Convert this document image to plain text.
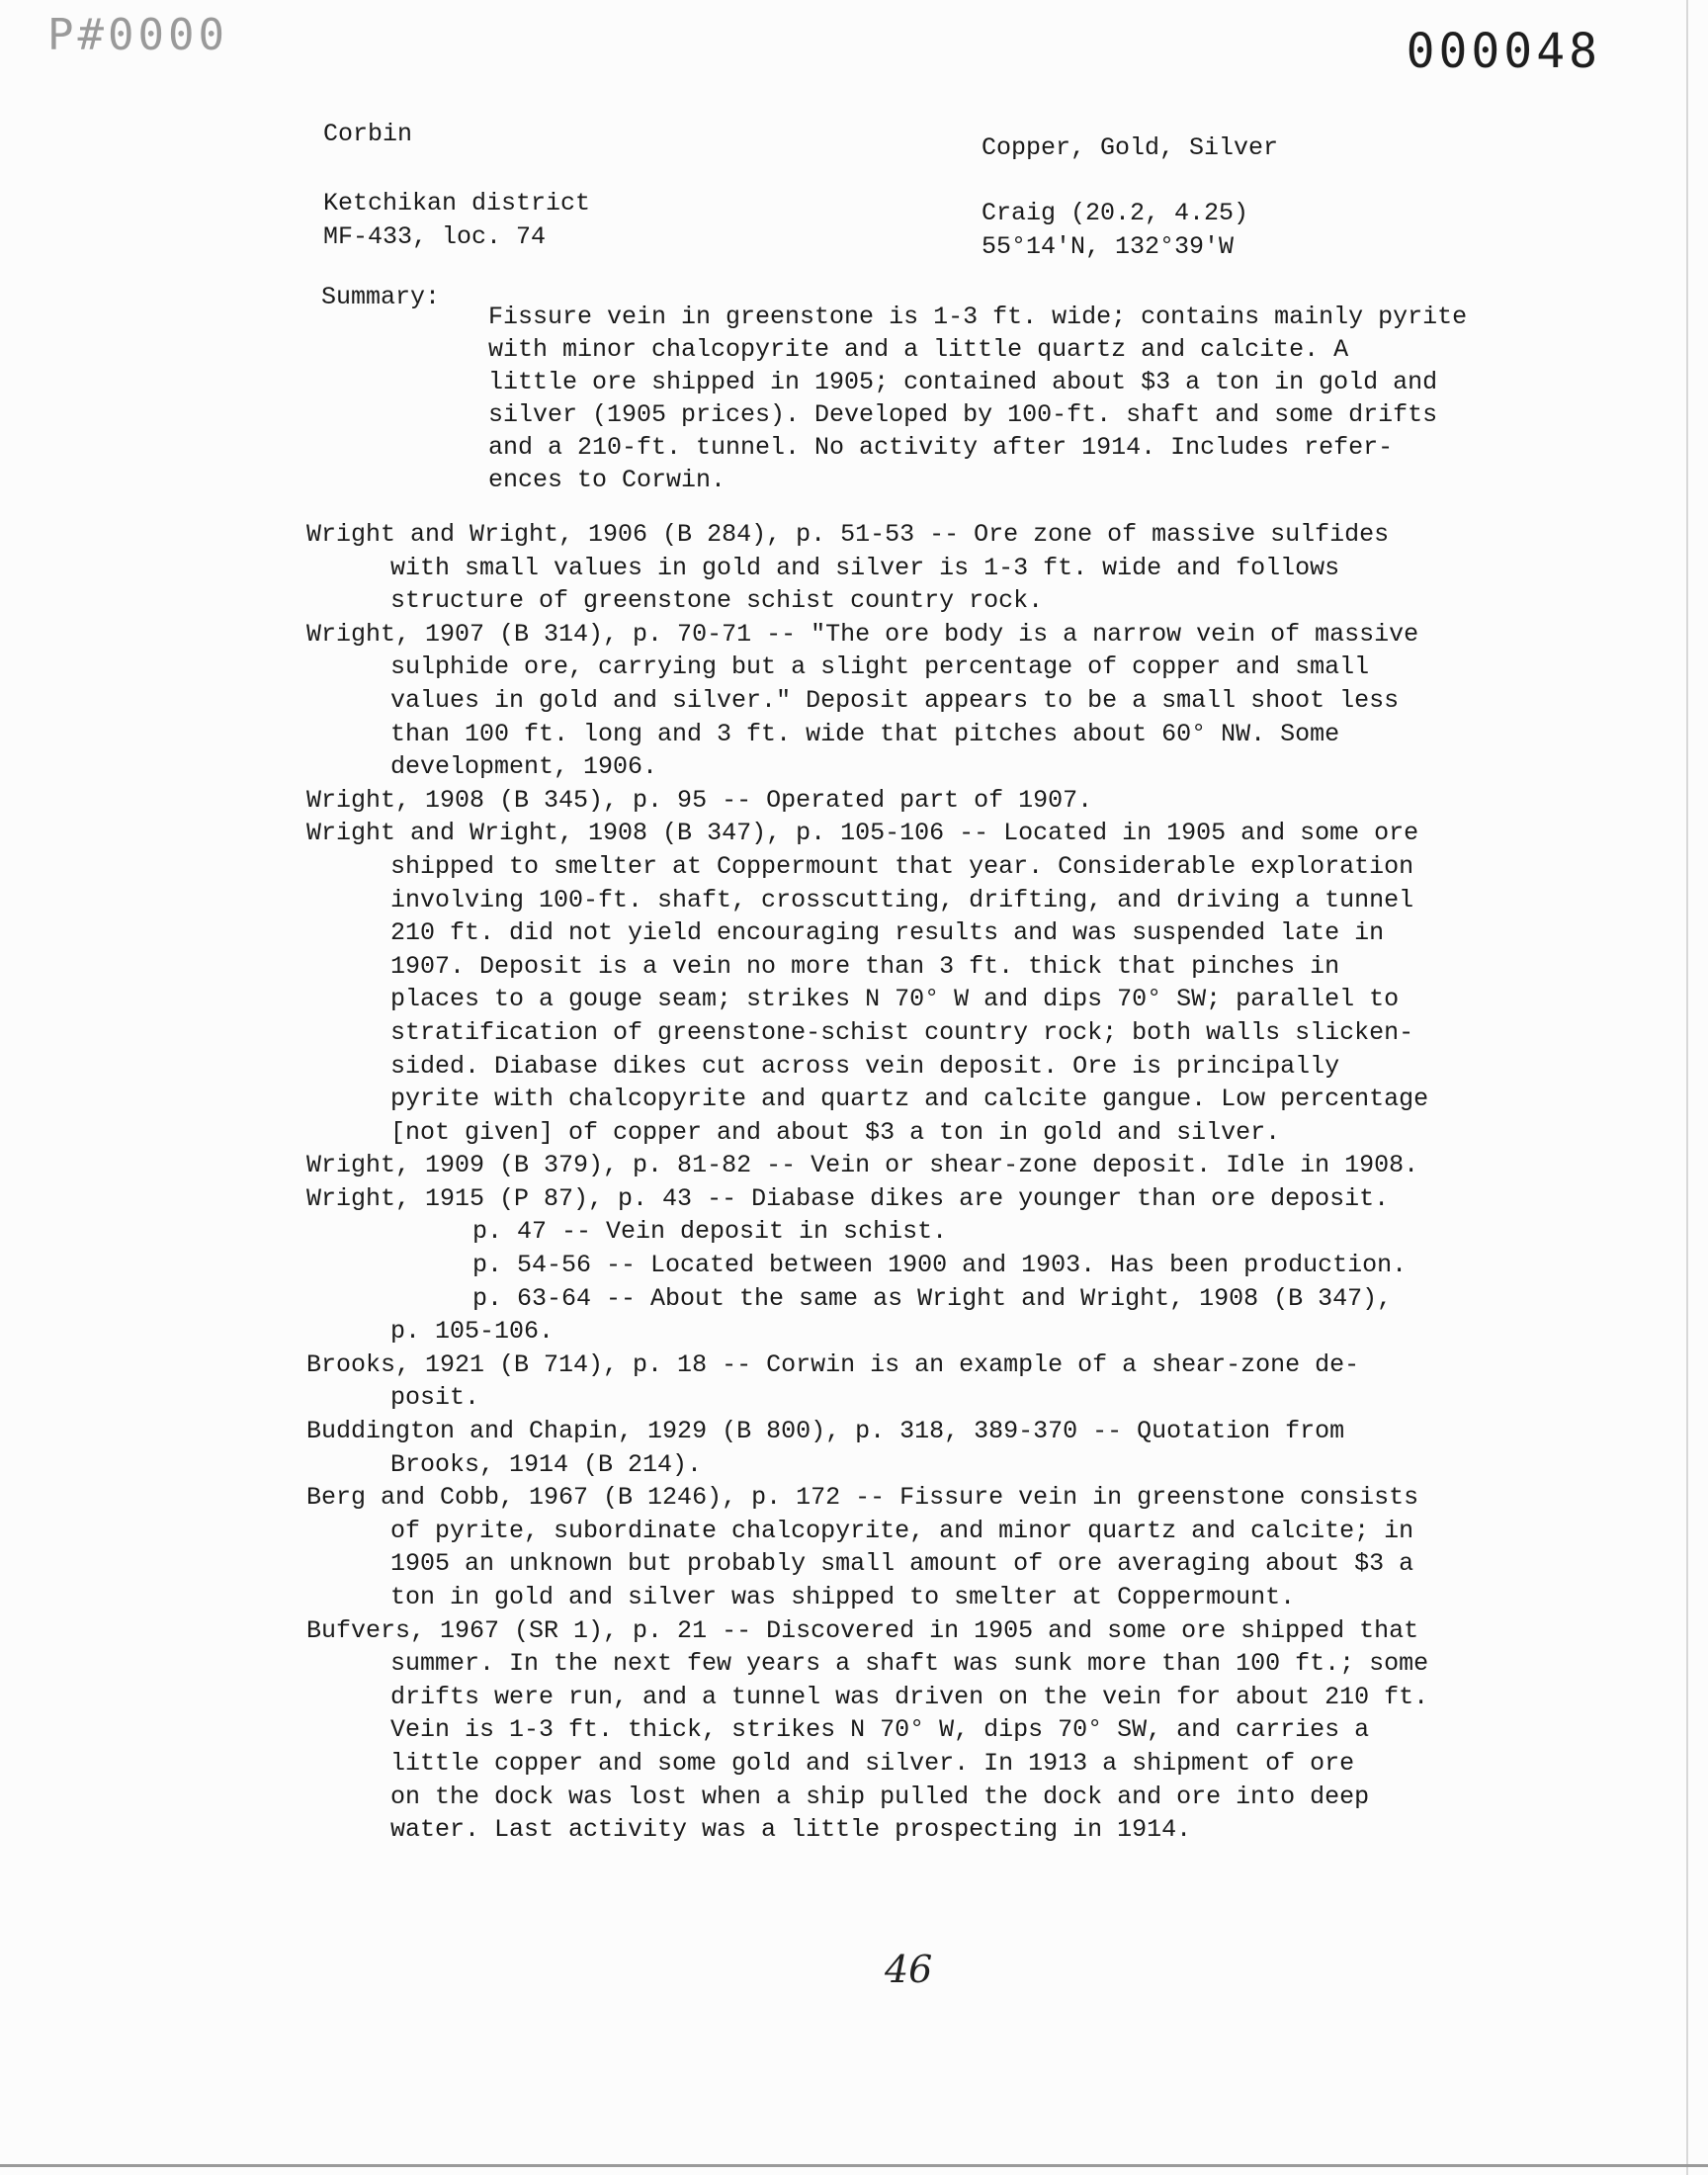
P#0000	000048
Corbin	Copper, Gold, Silver
Ketchikan district
MF-433, loc. 74
Craig (20.2, 4.25)
55°14'N, 132°39'W
Summary:
Fissure vein in greenstone is 1-3 ft. wide; contains mainly pyrite
with minor chalcopyrite and a little quartz and calcite. A
little ore shipped in 1905; contained about $3 a ton in gold and
silver (1905 prices). Developed by 100-ft. shaft and some drifts
and a 210-ft. tunnel. No activity after 1914. Includes refer-
ences to Corwin.
Wright and Wright, 1906 (B 284), p. 51-53 -- Ore zone of massive sulfides
with small values in gold and silver is 1-3 ft. wide and follows
structure of greenstone schist country rock.
Wright, 1907 (B 314), p. 70-71 -- "The ore body is a narrow vein of massive
sulphide ore, carrying but a slight percentage of copper and small
values in gold and silver." Deposit appears to be a small shoot less
than 100 ft. long and 3 ft. wide that pitches about 60° NW. Some
development, 1906.
Wright, 1908 (B 345), p. 95 -- Operated part of 1907.
Wright and Wright, 1908 (B 347), p. 105-106 -- Located in 1905 and some ore
shipped to smelter at Coppermount that year. Considerable exploration
involving 100-ft. shaft, crosscutting, drifting, and driving a tunnel
210 ft. did not yield encouraging results and was suspended late in
1907. Deposit is a vein no more than 3 ft. thick that pinches in
places to a gouge seam; strikes N 70° W and dips 70° SW; parallel to
stratification of greenstone-schist country rock; both walls slicken-
sided. Diabase dikes cut across vein deposit. Ore is principally
pyrite with chalcopyrite and quartz and calcite gangue. Low percentage
[not given] of copper and about $3 a ton in gold and silver.
Wright, 1909 (B 379), p. 81-82 -- Vein or shear-zone deposit. Idle in 1908.
Wright, 1915 (P 87), p. 43 -- Diabase dikes are younger than ore deposit.
p. 47 -- Vein deposit in schist.
p. 54-56 -- Located between 1900 and 1903. Has been production.
p. 63-64 -- About the same as Wright and Wright, 1908 (B 347),
p. 105-106.
Brooks, 1921 (B 714), p. 18 -- Corwin is an example of a shear-zone de-
posit.
Buddington and Chapin, 1929 (B 800), p. 318, 389-370 -- Quotation from
Brooks, 1914 (B 214).
Berg and Cobb, 1967 (B 1246), p. 172 -- Fissure vein in greenstone consists
of pyrite, subordinate chalcopyrite, and minor quartz and calcite; in
1905 an unknown but probably small amount of ore averaging about $3 a
ton in gold and silver was shipped to smelter at Coppermount.
Bufvers, 1967 (SR 1), p. 21 -- Discovered in 1905 and some ore shipped that
summer. In the next few years a shaft was sunk more than 100 ft.; some
drifts were run, and a tunnel was driven on the vein for about 210 ft.
Vein is 1-3 ft. thick, strikes N 70° W, dips 70° SW, and carries a
little copper and some gold and silver. In 1913 a shipment of ore
on the dock was lost when a ship pulled the dock and ore into deep
water. Last activity was a little prospecting in 1914.
46
